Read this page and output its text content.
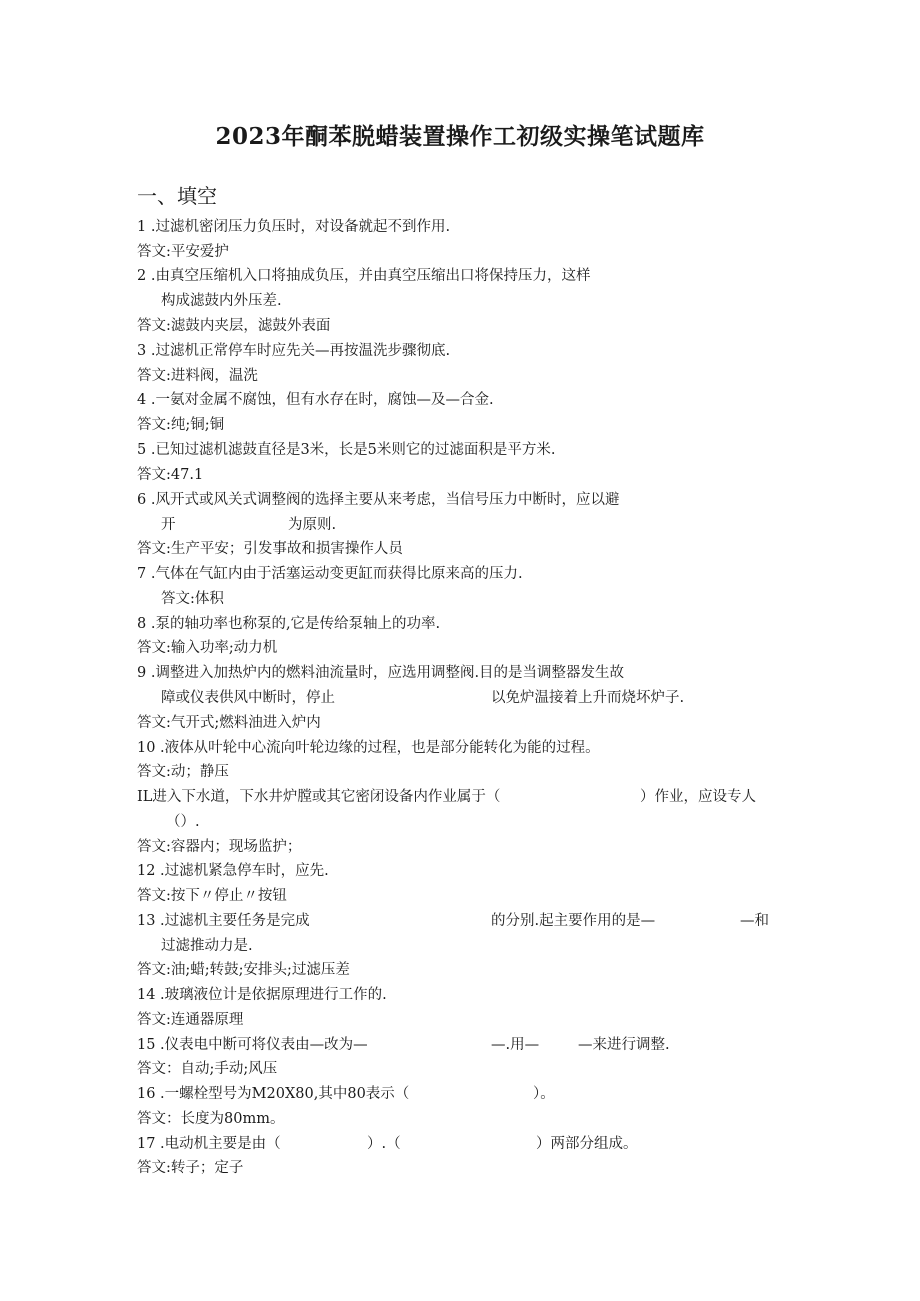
2023年酮苯脱蜡装置操作工初级实操笔试题库
一、填空
1 .过滤机密闭压力负压时，对设备就起不到作用.
答文:平安爱护
2 .由真空压缩机入口将抽成负压，并由真空压缩出口将保持压力，这样
构成滤鼓内外压差.
答文:滤鼓内夹层，滤鼓外表面
3 .过滤机正常停车时应先关—再按温洗步骤彻底.
答文:进料阀，温洗
4 .一氨对金属不腐蚀，但有水存在时，腐蚀—及—合金.
答文:纯;铜;铜
5 .已知过滤机滤鼓直径是3米，长是5米则它的过滤面积是平方米.
答文:47.1
6 .风开式或风关式调整阀的选择主要从来考虑，当信号压力中断时，应以避
开	为原则.
答文:生产平安；引发事故和损害操作人员
7 .气体在气缸内由于活塞运动变更缸而获得比原来高的压力.
答文:体积
8 .泵的轴功率也称泵的,它是传给泵轴上的功率.
答文:输入功率;动力机
9 .调整进入加热炉内的燃料油流量时，应选用调整阀.目的是当调整器发生故
障或仪表供风中断时，停止	以免炉温接着上升而烧坏炉子.
答文:气开式;燃料油进入炉内
10 .液体从叶轮中心流向叶轮边缘的过程，也是部分能转化为能的过程。
答文:动；静压
IL进入下水道，下水井炉膛或其它密闭设备内作业属于（	）作业，应设专人
（）.
答文:容器内；现场监护；
12 .过滤机紧急停车时，应先.
答文:按下〃停止〃按钮
13 .过滤机主要任务是完成	的分别.起主要作用的是—	—和
过滤推动力是.
答文:油;蜡;转鼓;安排头;过滤压差
14 .玻璃液位计是依据原理进行工作的.
答文:连通器原理
15 .仪表电中断可将仪表由—改为—	—.用—	—来进行调整.
答文：自动;手动;风压
16 .一螺栓型号为M20X80,其中80表示（	）。
答文：长度为80mm。
17 .电动机主要是由（	）.（	）两部分组成。
答文:转子；定子
